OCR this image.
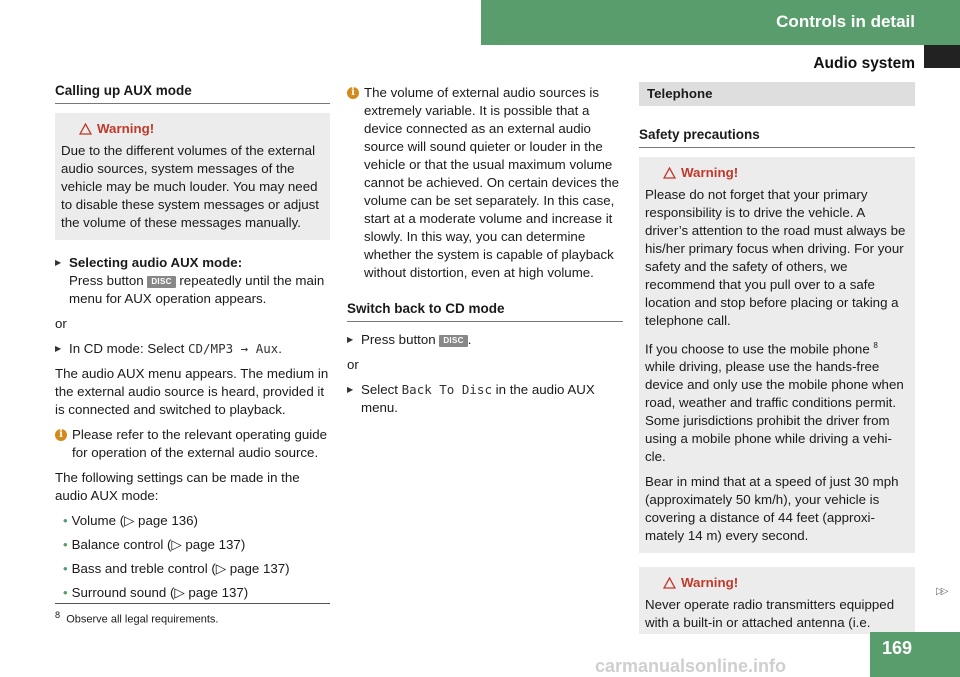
Controls in detail
Audio system
Calling up AUX mode
Warning!
Due to the different volumes of the external audio sources, system messages of the vehicle may be much louder. You may need to disable these system messages or adjust the volume of these messages manually.
▶ Selecting audio AUX mode:
Press button DISC repeatedly until the main menu for AUX operation appears.
or
▶ In CD mode: Select CD/MP3 → Aux.
The audio AUX menu appears. The medium in the external audio source is heard, provided it is connected and switched to playback.
i Please refer to the relevant operating guide for operation of the external audio source.
The following settings can be made in the audio AUX mode:
• Volume (▷ page 136)
• Balance control (▷ page 137)
• Bass and treble control (▷ page 137)
• Surround sound (▷ page 137)
i The volume of external audio sources is extremely variable. It is possible that a device connected as an external audio source will sound quieter or louder in the vehicle or that the usual maximum volume cannot be achieved. On certain devices the volume can be set separately. In this case, start at a moderate volume and increase it slowly. In this way, you can determine whether the system is capable of playback without distortion, even at high volume.
Switch back to CD mode
▶ Press button DISC .
or
▶ Select Back To Disc in the audio AUX menu.
Telephone
Safety precautions
Warning!
Please do not forget that your primary responsibility is to drive the vehicle. A driver’s attention to the road must always be his/her primary focus when driving. For your safety and the safety of others, we recommend that you pull over to a safe location and stop before placing or taking a telephone call.
If you choose to use the mobile phone $^8$ while driving, please use the hands-free device and only use the mobile phone when road, weather and traffic conditions permit. Some jurisdictions prohibit the driver from using a mobile phone while driving a vehi-cle.
Bear in mind that at a speed of just 30 mph (approximately 50 km/h), your vehicle is covering a distance of 44 feet (approxi-mately 14 m) every second.
Warning!
Never operate radio transmitters equipped with a built-in or attached antenna (i.e.
$^8$ Observe all legal requirements.
▷▷
carmanualsonline.info
169
